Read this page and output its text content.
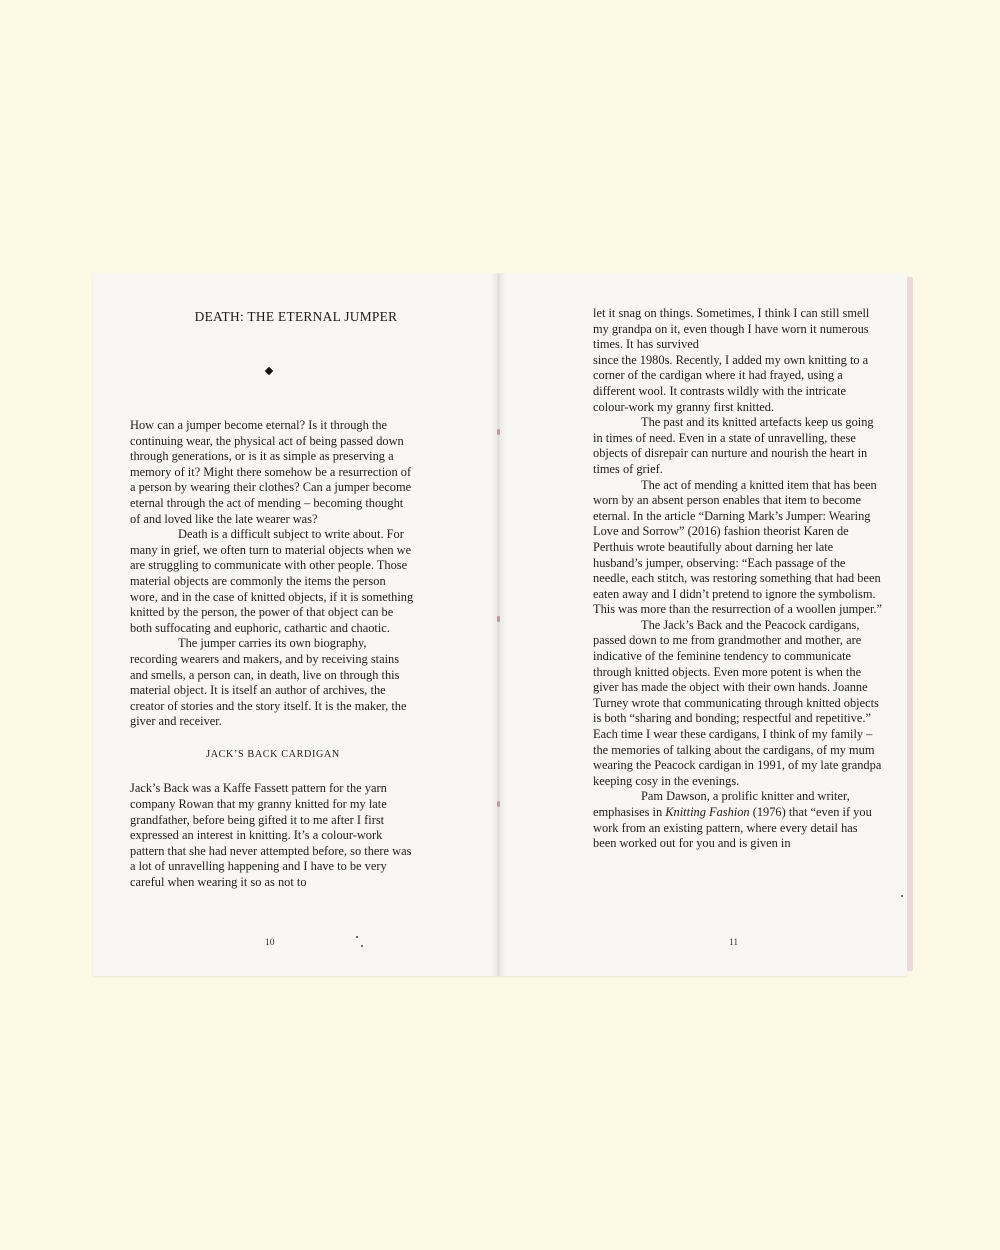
DEATH: THE ETERNAL JUMPER

How can a jumper become eternal? Is it through the continuing wear, the physical act of being passed down through generations, or is it as simple as preserving a memory of it? Might there somehow be a resurrection of a person by wearing their clothes? Can a jumper become eternal through the act of mending – becoming thought of and loved like the late wearer was?

Death is a difficult subject to write about. For many in grief, we often turn to material objects when we are struggling to communicate with other people. Those material objects are commonly the items the person wore, and in the case of knitted objects, if it is something knitted by the person, the power of that object can be both suffocating and euphoric, cathartic and chaotic.

The jumper carries its own biography, recording wearers and makers, and by receiving stains and smells, a person can, in death, live on through this material object. It is itself an author of archives, the creator of stories and the story itself. It is the maker, the giver and receiver.

JACK’S BACK CARDIGAN

Jack’s Back was a Kaffe Fassett pattern for the yarn company Rowan that my granny knitted for my late grandfather, before being gifted it to me after I first expressed an interest in knitting. It’s a colour-work pattern that she had never attempted before, so there was a lot of unravelling happening and I have to be very careful when wearing it so as not to

10

let it snag on things. Sometimes, I think I can still smell my grandpa on it, even though I have worn it numerous times. It has survived

since the 1980s. Recently, I added my own knitting to a corner of the cardigan where it had frayed, using a different wool. It contrasts wildly with the intricate colour-work my granny first knitted.

The past and its knitted artefacts keep us going in times of need. Even in a state of unravelling, these objects of disrepair can nurture and nourish the heart in times of grief.

The act of mending a knitted item that has been worn by an absent person enables that item to become eternal. In the article “Darning Mark’s Jumper: Wearing Love and Sorrow” (2016) fashion theorist Karen de Perthuis wrote beautifully about darning her late husband’s jumper, observing: “Each passage of the needle, each stitch, was restoring something that had been eaten away and I didn’t pretend to ignore the symbolism. This was more than the resurrection of a woollen jumper.”

The Jack’s Back and the Peacock cardigans, passed down to me from grandmother and mother, are indicative of the feminine tendency to communicate through knitted objects. Even more potent is when the giver has made the object with their own hands. Joanne Turney wrote that communicating through knitted objects is both “sharing and bonding; respectful and repetitive.” Each time I wear these cardigans, I think of my family – the memories of talking about the cardigans, of my mum wearing the Peacock cardigan in 1991, of my late grandpa keeping cosy in the evenings.

Pam Dawson, a prolific knitter and writer, emphasises in Knitting Fashion (1976) that “even if you work from an existing pattern, where every detail has been worked out for you and is given in

11
